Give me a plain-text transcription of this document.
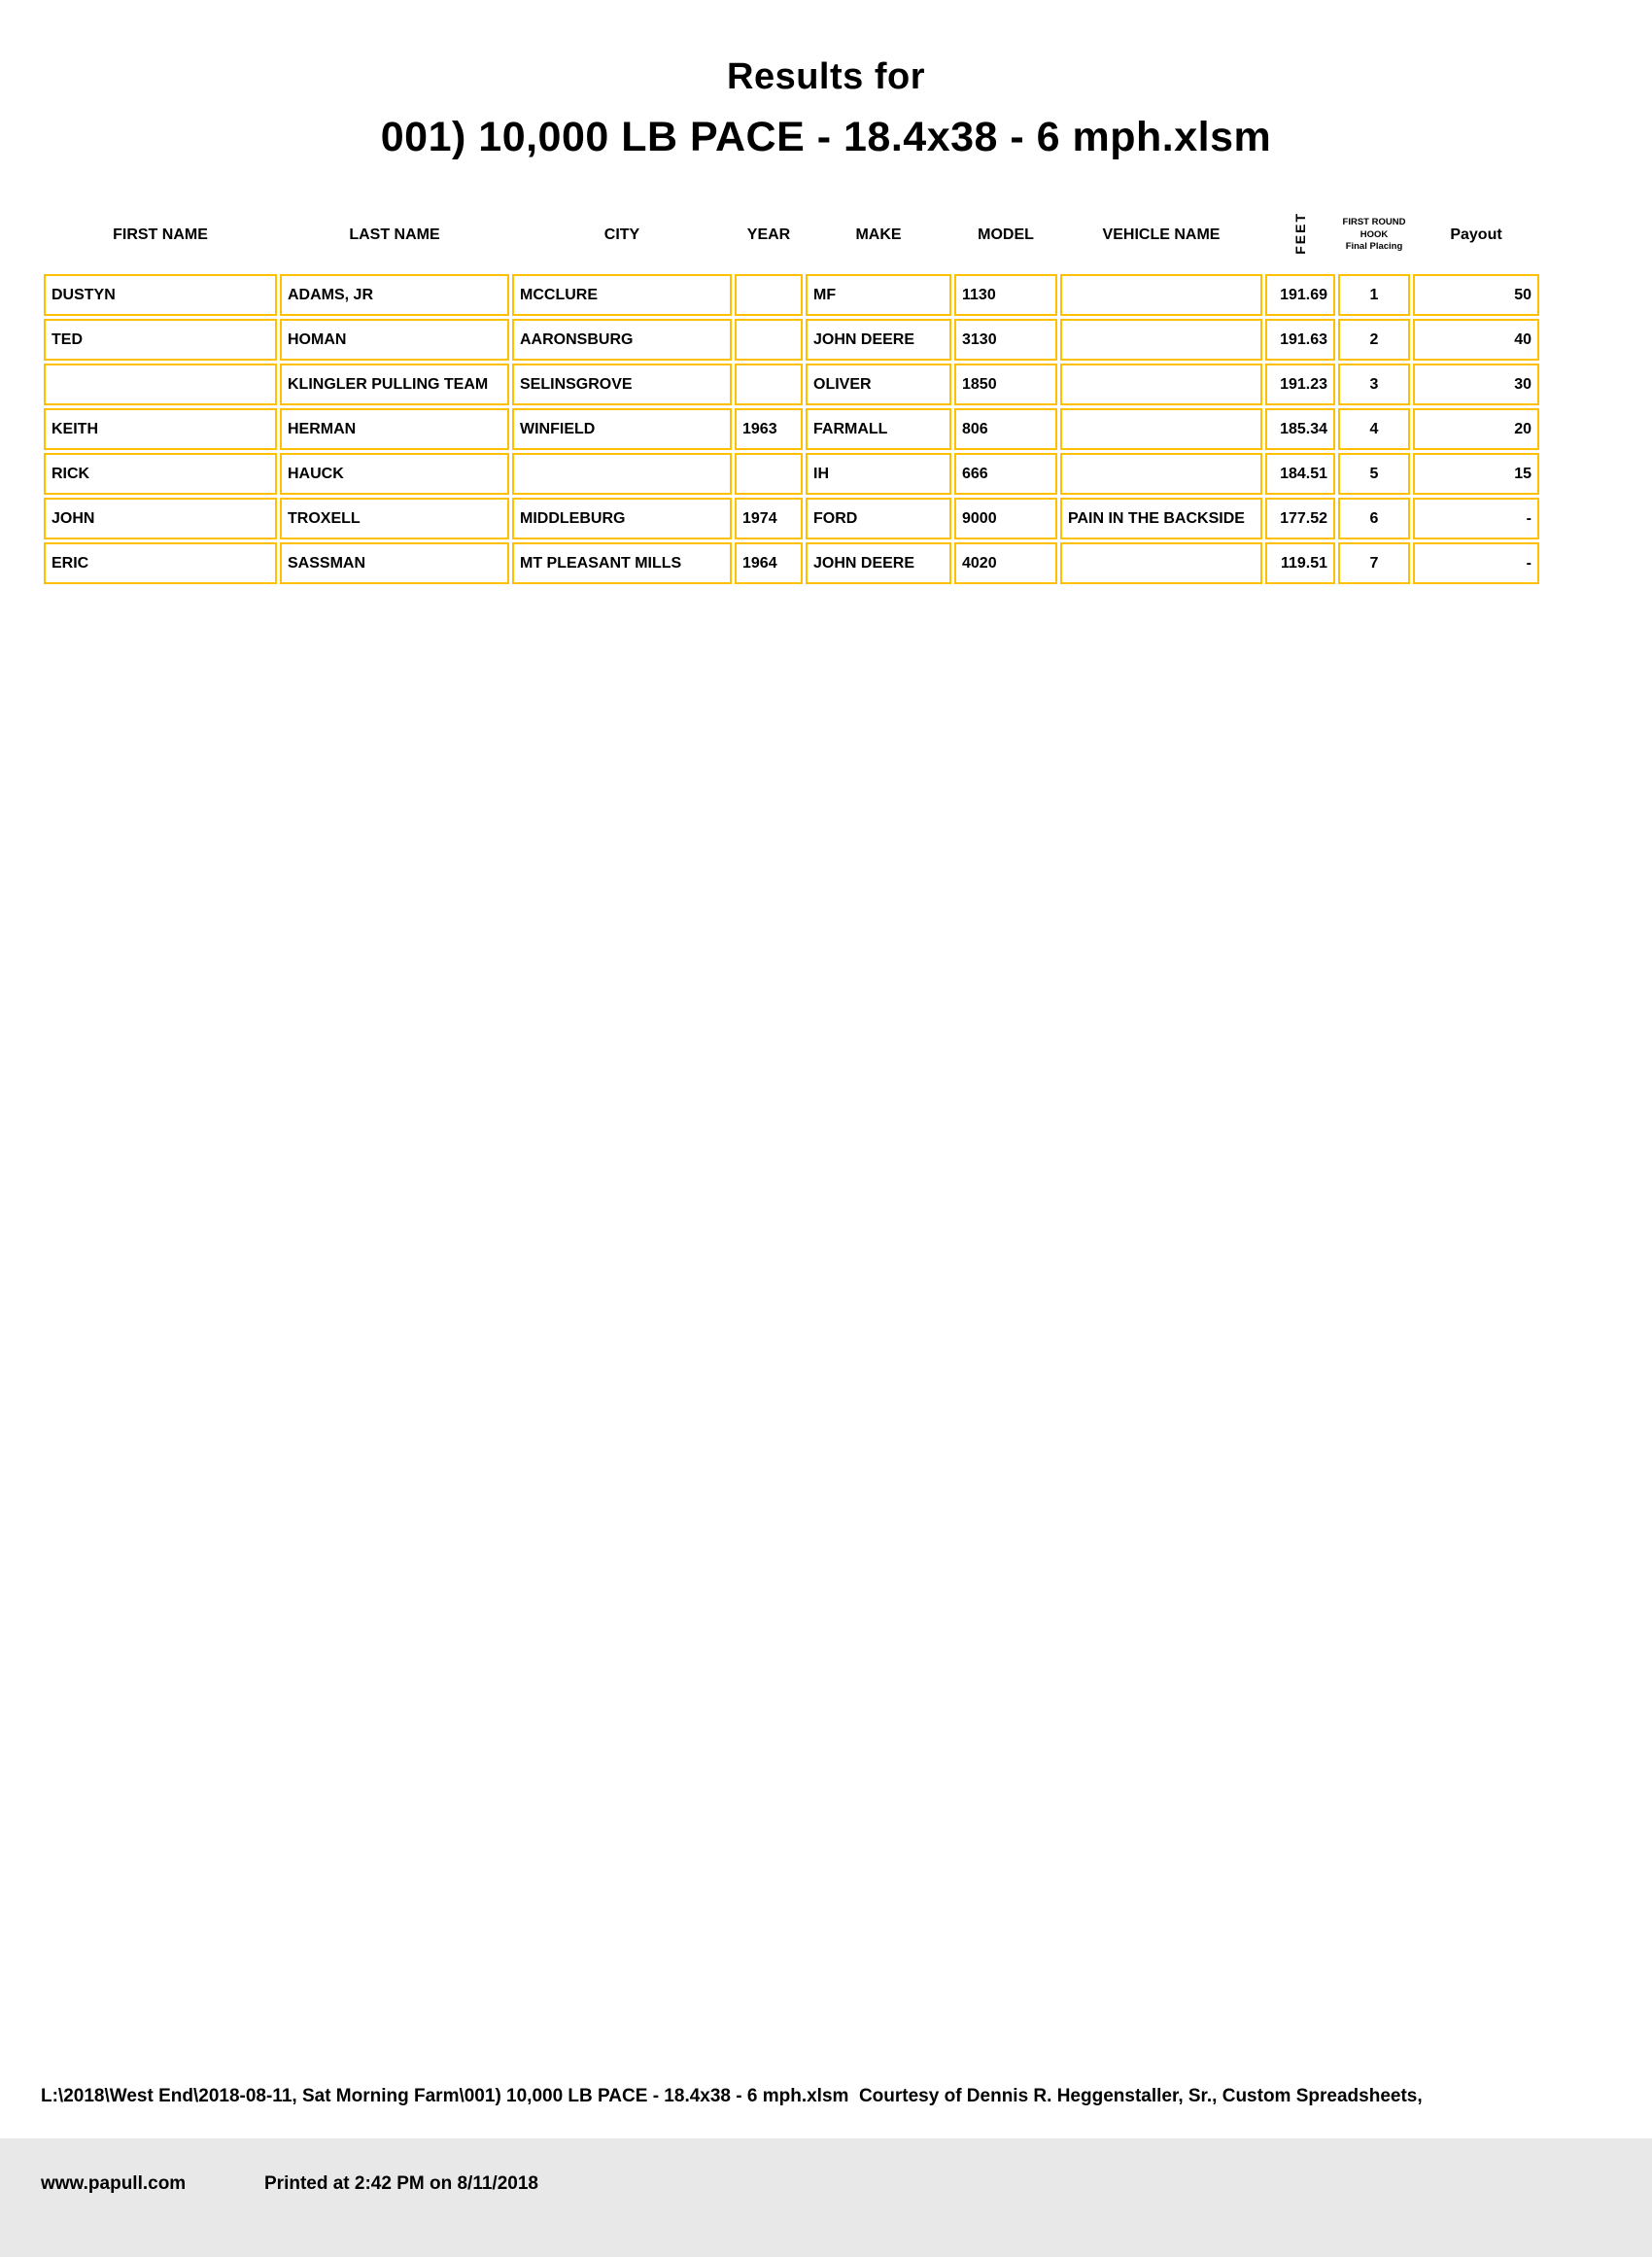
Results for
001) 10,000 LB PACE - 18.4x38 - 6 mph.xlsm
FIRST NAME	LAST NAME	CITY	YEAR	MAKE	MODEL	VEHICLE NAME	FEET	FIRST ROUND
HOOK
Final Placing	Payout
DUSTYN	ADAMS, JR	MCCLURE		MF	1130		191.69	1	50
TED	HOMAN	AARONSBURG		JOHN DEERE	3130		191.63	2	40
	KLINGLER PULLING TEAM	SELINSGROVE		OLIVER	1850		191.23	3	30
KEITH	HERMAN	WINFIELD	1963	FARMALL	806		185.34	4	20
RICK	HAUCK			IH	666		184.51	5	15
JOHN	TROXELL	MIDDLEBURG	1974	FORD	9000	PAIN IN THE BACKSIDE	177.52	6	-
ERIC	SASSMAN	MT PLEASANT MILLS	1964	JOHN DEERE	4020		119.51	7	-

L:\2018\West End\2018-08-11, Sat Morning Farm\001) 10,000 LB PACE - 18.4x38 - 6 mph.xlsm  Courtesy of Dennis R. Heggenstaller, Sr., Custom Spreadsheets,

www.papull.com	Printed at 2:42 PM on 8/11/2018
